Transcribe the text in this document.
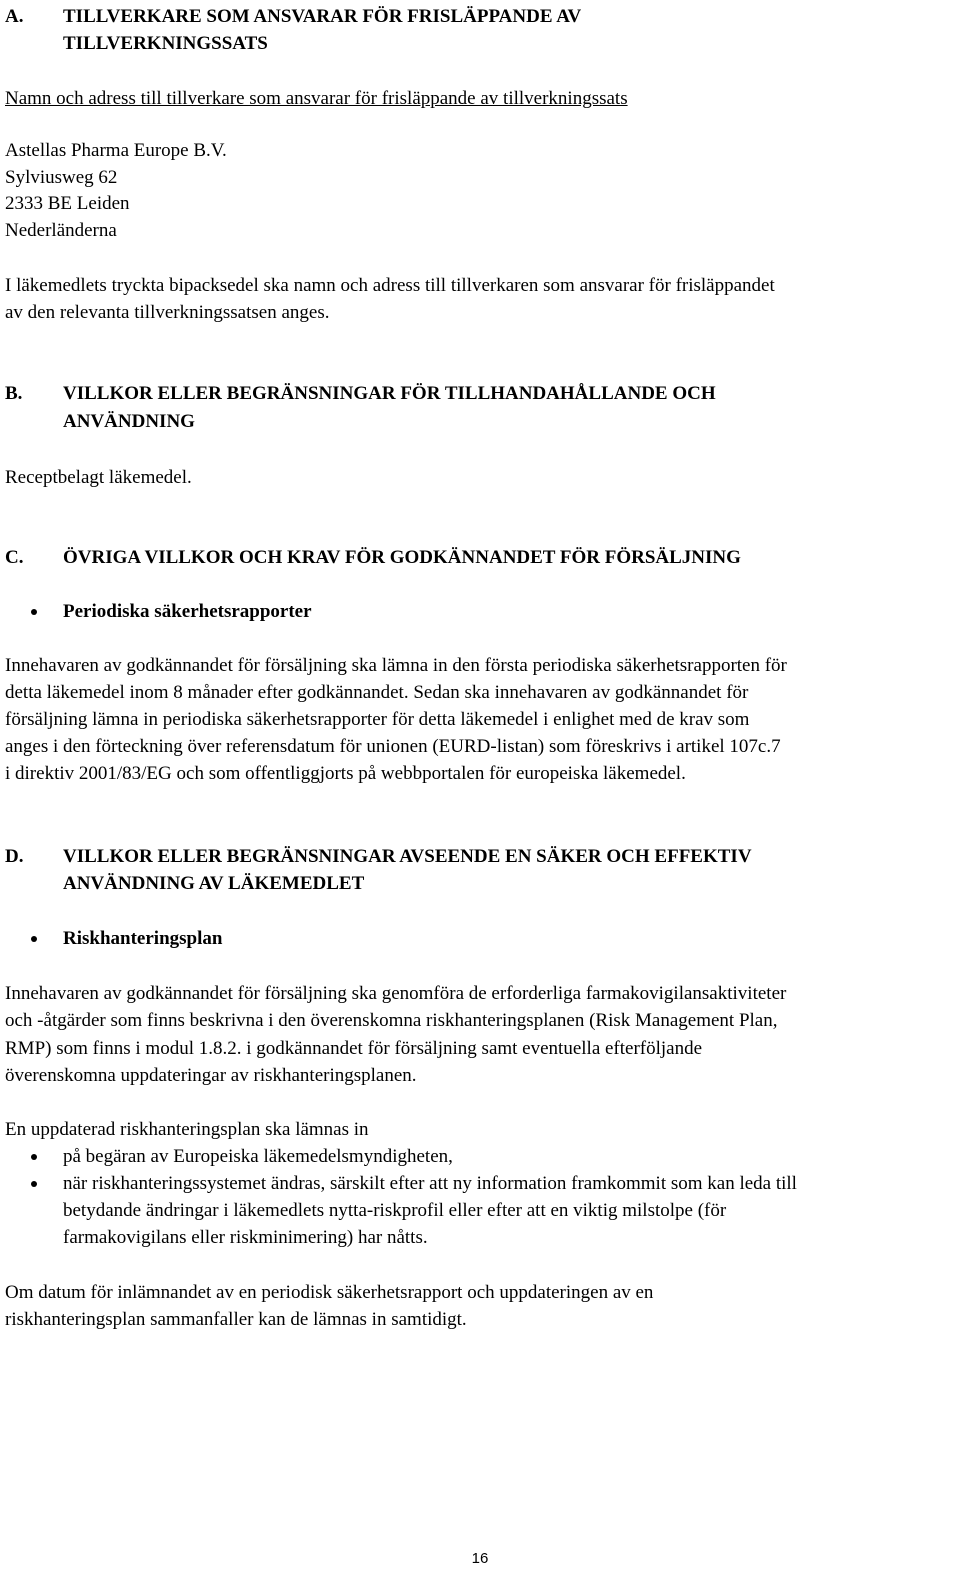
A. TILLVERKARE SOM ANSVARAR FÖR FRISLÄPPANDE AV
TILLVERKNINGSSATS

Namn och adress till tillverkare som ansvarar för frisläppande av tillverkningssats

Astellas Pharma Europe B.V.

Sylviusweg 62

2333 BE Leiden

Nederländerna

I läkemedlets tryckta bipacksedel ska namn och adress till tillverkaren som ansvarar för frisläppandet

av den relevanta tillverkningssatsen anges.

B. VILLKOR ELLER BEGRÄNSNINGAR FÖR TILLHANDAHÅLLANDE OCH
ANVÄNDNING

Receptbelagt läkemedel.

C. ÖVRIGA VILLKOR OCH KRAV FÖR GODKÄNNANDET FÖR FÖRSÄLJNING
Periodiska säkerhetsrapporter

Innehavaren av godkännandet för försäljning ska lämna in den första periodiska säkerhetsrapporten för

detta läkemedel inom 8 månader efter godkännandet. Sedan ska innehavaren av godkännandet för

försäljning lämna in periodiska säkerhetsrapporter för detta läkemedel i enlighet med de krav som

anges i den förteckning över referensdatum för unionen (EURD-listan) som föreskrivs i artikel 107c.7

i direktiv 2001/83/EG och som offentliggjorts på webbportalen för europeiska läkemedel.

D. VILLKOR ELLER BEGRÄNSNINGAR AVSEENDE EN SÄKER OCH EFFEKTIV
ANVÄNDNING AV LÄKEMEDLET
Riskhanteringsplan

Innehavaren av godkännandet för försäljning ska genomföra de erforderliga farmakovigilansaktiviteter

och -åtgärder som finns beskrivna i den överenskomna riskhanteringsplanen (Risk Management Plan,

RMP) som finns i modul 1.8.2. i godkännandet för försäljning samt eventuella efterföljande

överenskomna uppdateringar av riskhanteringsplanen.

En uppdaterad riskhanteringsplan ska lämnas in

på begäran av Europeiska läkemedelsmyndigheten,
när riskhanteringssystemet ändras, särskilt efter att ny information framkommit som kan leda till
betydande ändringar i läkemedlets nytta-riskprofil eller efter att en viktig milstolpe (för
farmakovigilans eller riskminimering) har nåtts.

Om datum för inlämnandet av en periodisk säkerhetsrapport och uppdateringen av en

riskhanteringsplan sammanfaller kan de lämnas in samtidigt.

16
